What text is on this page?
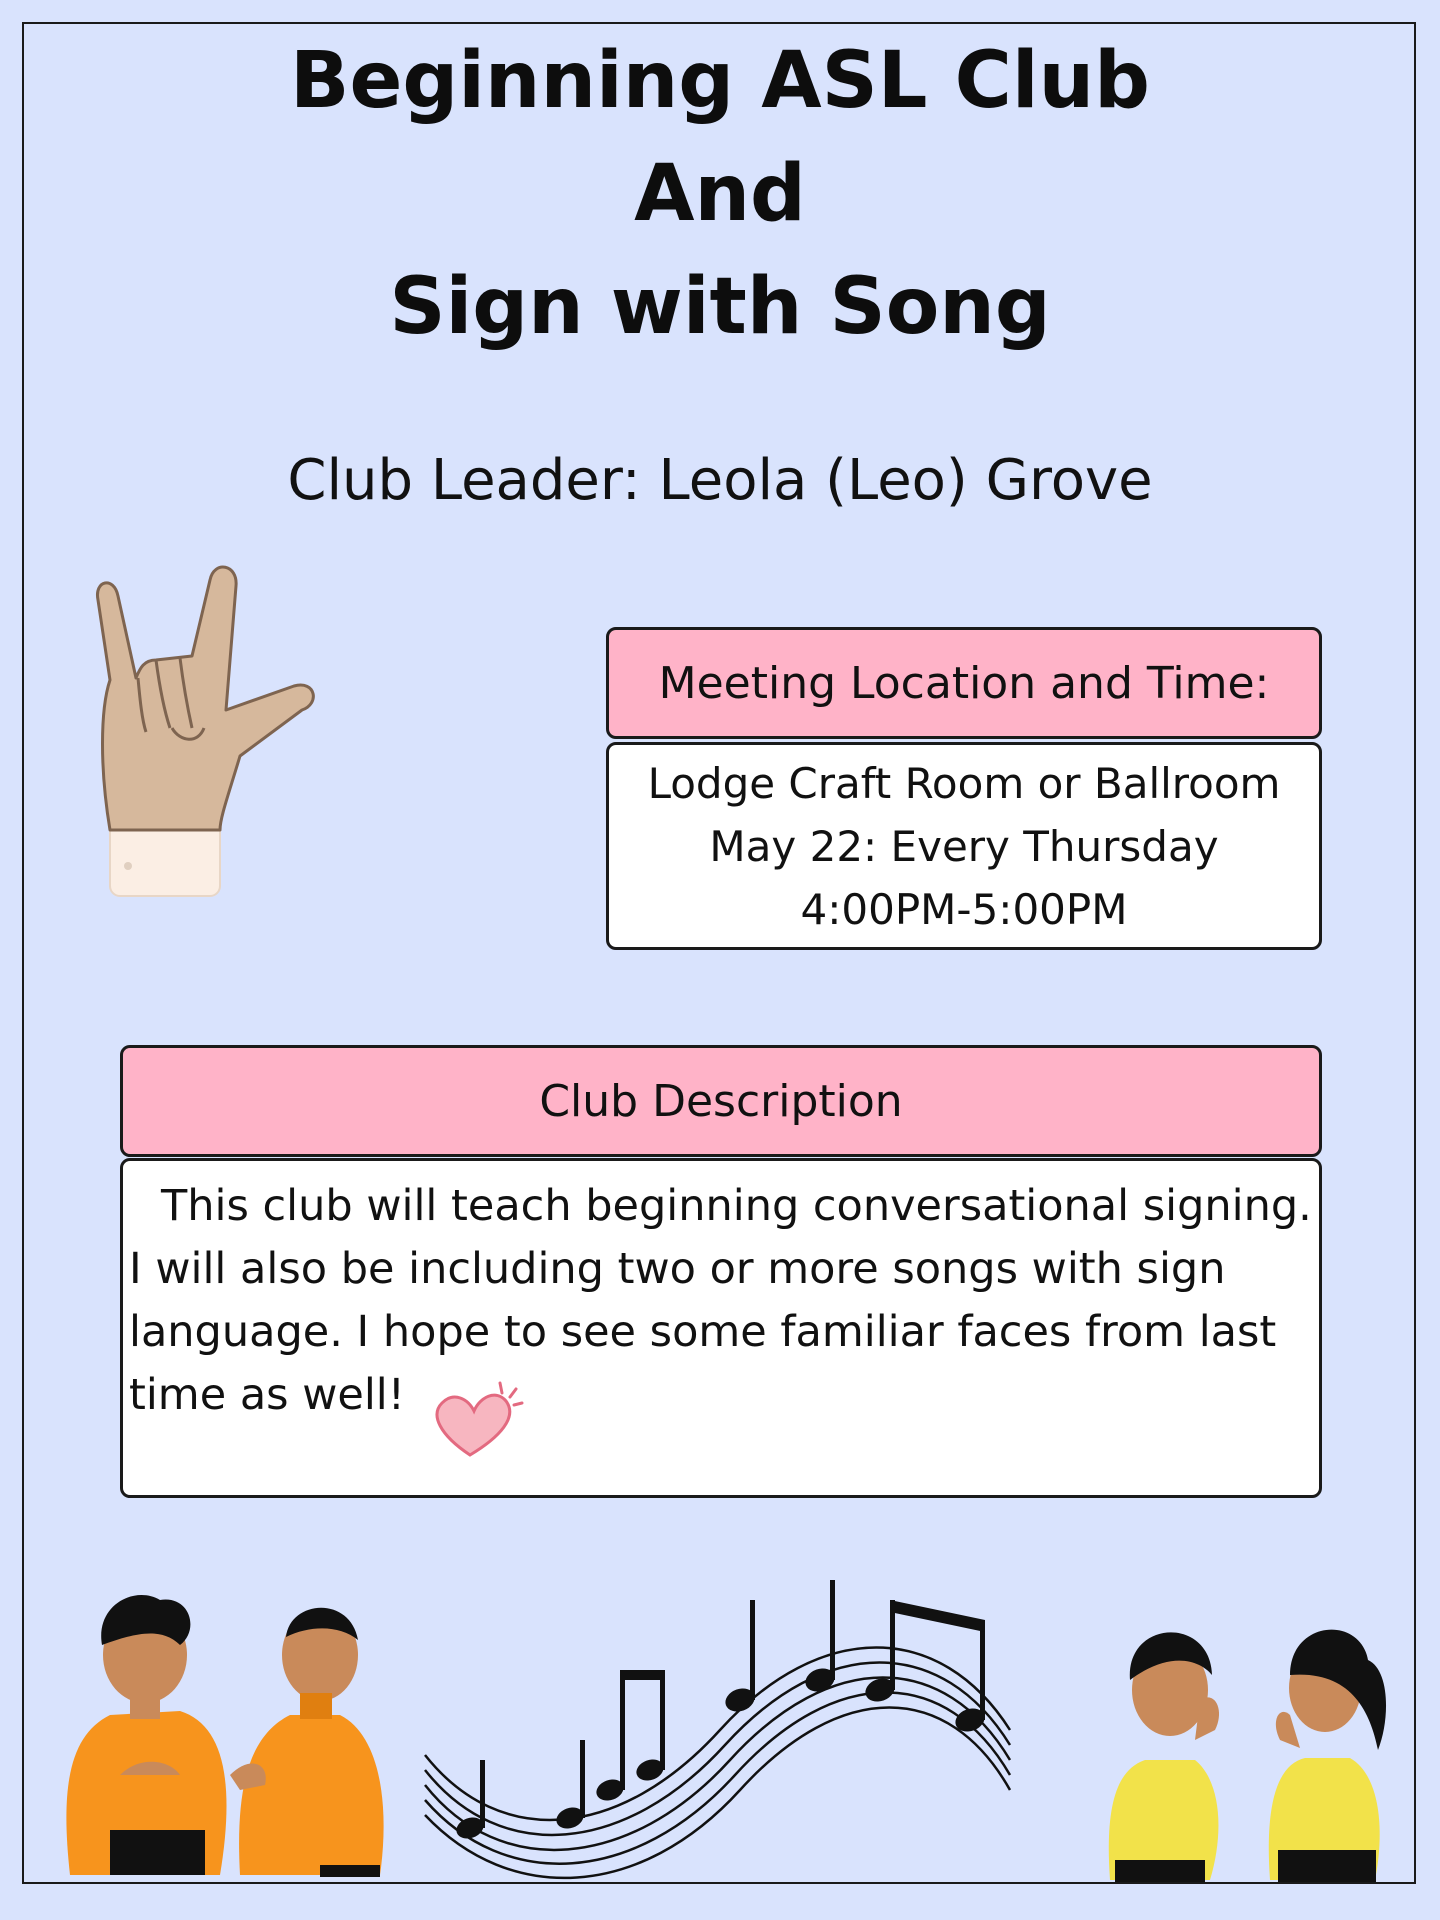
Beginning ASL Club
And
Sign with Song
Club Leader: Leola (Leo) Grove
Meeting Location and Time:
Lodge Craft Room or Ballroom
May 22: Every Thursday
4:00PM-5:00PM
Club Description
This club will teach beginning conversational signing.
I will also be including two or more songs with sign
language. I hope to see some familiar faces from last
time as well!
